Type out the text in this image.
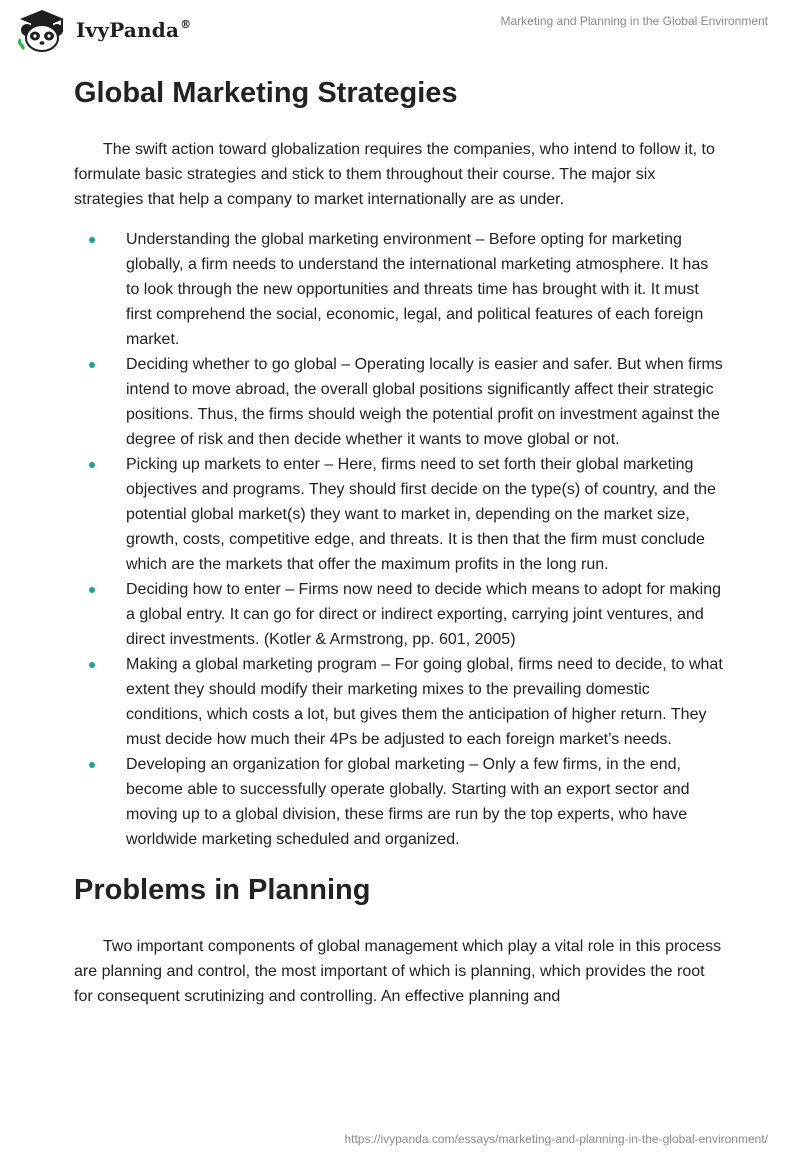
IvyPanda®	Marketing and Planning in the Global Environment
Global Marketing Strategies

The swift action toward globalization requires the companies, who intend to follow it, to formulate basic strategies and stick to them throughout their course. The major six strategies that help a company to market internationally are as under.

Understanding the global marketing environment – Before opting for marketing globally, a firm needs to understand the international marketing atmosphere. It has to look through the new opportunities and threats time has brought with it. It must first comprehend the social, economic, legal, and political features of each foreign market.
Deciding whether to go global – Operating locally is easier and safer. But when firms intend to move abroad, the overall global positions significantly affect their strategic positions. Thus, the firms should weigh the potential profit on investment against the degree of risk and then decide whether it wants to move global or not.
Picking up markets to enter – Here, firms need to set forth their global marketing objectives and programs. They should first decide on the type(s) of country, and the potential global market(s) they want to market in, depending on the market size, growth, costs, competitive edge, and threats. It is then that the firm must conclude which are the markets that offer the maximum profits in the long run.
Deciding how to enter – Firms now need to decide which means to adopt for making a global entry. It can go for direct or indirect exporting, carrying joint ventures, and direct investments. (Kotler & Armstrong, pp. 601, 2005)
Making a global marketing program – For going global, firms need to decide, to what extent they should modify their marketing mixes to the prevailing domestic conditions, which costs a lot, but gives them the anticipation of higher return. They must decide how much their 4Ps be adjusted to each foreign market’s needs.
Developing an organization for global marketing – Only a few firms, in the end, become able to successfully operate globally. Starting with an export sector and moving up to a global division, these firms are run by the top experts, who have worldwide marketing scheduled and organized.
Problems in Planning

Two important components of global management which play a vital role in this process are planning and control, the most important of which is planning, which provides the root for consequent scrutinizing and controlling. An effective planning and

https://ivypanda.com/essays/marketing-and-planning-in-the-global-environment/
